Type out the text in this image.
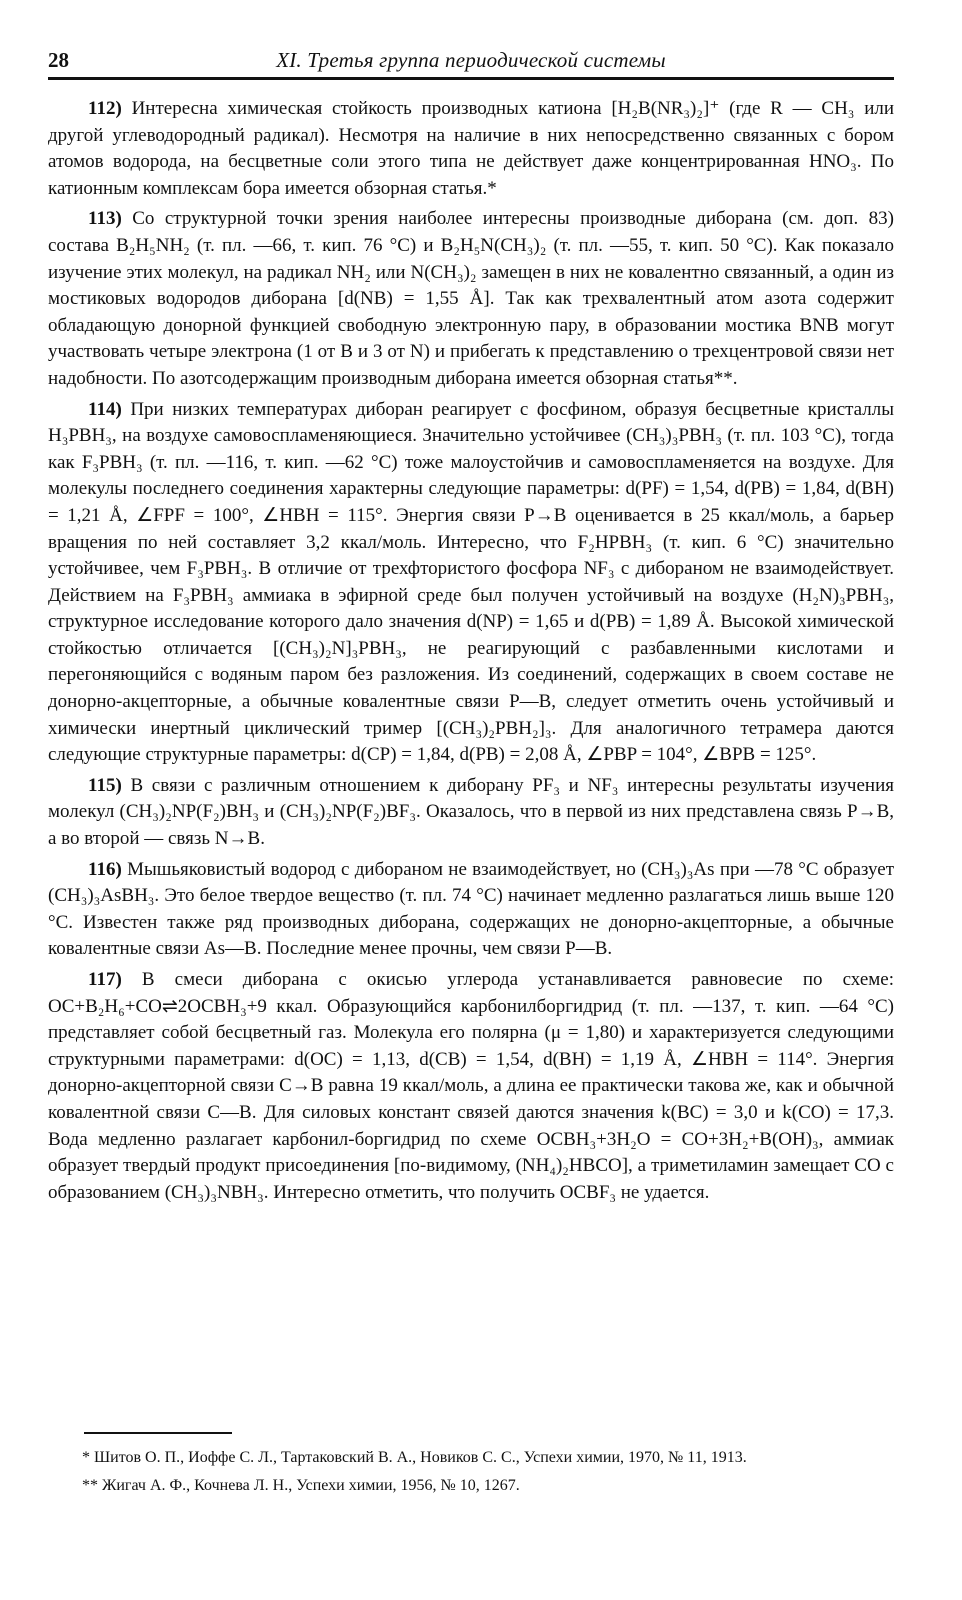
28	XI. Третья группа периодической системы

112) Интересна химическая стойкость производных катиона [H₂B(NR₃)₂]⁺ (где R — CH₃ или другой углеводородный радикал). Несмотря на наличие в них непосредственно связанных с бором атомов водорода, на бесцветные соли этого типа не действует даже концентрированная HNO₃. По катионным комплексам бора имеется обзорная статья.*

113) Со структурной точки зрения наиболее интересны производные диборана (см. доп. 83) состава B₂H₅NH₂ (т. пл. —66, т. кип. 76 °С) и B₂H₅N(CH₃)₂ (т. пл. —55, т. кип. 50 °С). Как показало изучение этих молекул, на радикал NH₂ или N(CH₃)₂ замещен в них не ковалентно связанный, а один из мостиковых водородов диборана [d(NB) = 1,55 Å]. Так как трехвалентный атом азота содержит обладающую донорной функцией свободную электронную пару, в образовании мостика BNB могут участвовать четыре электрона (1 от B и 3 от N) и прибегать к представлению о трехцентровой связи нет надобности. По азотсодержащим производным диборана имеется обзорная статья**.

114) При низких температурах диборан реагирует с фосфином, образуя бесцветные кристаллы H₃PBH₃, на воздухе самовоспламеняющиеся. Значительно устойчивее (CH₃)₃PBH₃ (т. пл. 103 °С), тогда как F₃PBH₃ (т. пл. —116, т. кип. —62 °С) тоже малоустойчив и самовоспламеняется на воздухе. Для молекулы последнего соединения характерны следующие параметры: d(PF) = 1,54, d(PB) = 1,84, d(BH) = 1,21 Å, ∠FPF = 100°, ∠HBH = 115°. Энергия связи P→B оценивается в 25 ккал/моль, а барьер вращения по ней составляет 3,2 ккал/моль. Интересно, что F₂HPBH₃ (т. кип. 6 °С) значительно устойчивее, чем F₃PBH₃. В отличие от трехфтористого фосфора NF₃ с дибораном не взаимодействует. Действием на F₃PBH₃ аммиака в эфирной среде был получен устойчивый на воздухе (H₂N)₃PBH₃, структурное исследование которого дало значения d(NP) = 1,65 и d(PB) = 1,89 Å. Высокой химической стойкостью отличается [(CH₃)₂N]₃PBH₃, не реагирующий с разбавленными кислотами и перегоняющийся с водяным паром без разложения. Из соединений, содержащих в своем составе не донорно-акцепторные, а обычные ковалентные связи P—B, следует отметить очень устойчивый и химически инертный циклический тример [(CH₃)₂PBH₂]₃. Для аналогичного тетрамера даются следующие структурные параметры: d(CP) = 1,84, d(PB) = 2,08 Å, ∠PBP = 104°, ∠BPB = 125°.

115) В связи с различным отношением к диборану PF₃ и NF₃ интересны результаты изучения молекул (CH₃)₂NP(F₂)BH₃ и (CH₃)₂NP(F₂)BF₃. Оказалось, что в первой из них представлена связь P→B, а во второй — связь N→B.

116) Мышьяковистый водород с дибораном не взаимодействует, но (CH₃)₃As при —78 °С образует (CH₃)₃AsBH₃. Это белое твердое вещество (т. пл. 74 °С) начинает медленно разлагаться лишь выше 120 °С. Известен также ряд производных диборана, содержащих не донорно-акцепторные, а обычные ковалентные связи As—B. Последние менее прочны, чем связи P—B.

117) В смеси диборана с окисью углерода устанавливается равновесие по схеме: OC+B₂H₆+CO⇌2OCBH₃+9 ккал. Образующийся карбонилборгидрид (т. пл. —137, т. кип. —64 °С) представляет собой бесцветный газ. Молекула его полярна (μ = 1,80) и характеризуется следующими структурными параметрами: d(OC) = 1,13, d(CB) = 1,54, d(BH) = 1,19 Å, ∠HBH = 114°. Энергия донорно-акцепторной связи C→B равна 19 ккал/моль, а длина ее практически такова же, как и обычной ковалентной связи C—B. Для силовых констант связей даются значения k(BC) = 3,0 и k(CO) = 17,3. Вода медленно разлагает карбонил-боргидрид по схеме OCBH₃+3H₂O = CO+3H₂+B(OH)₃, аммиак образует твердый продукт присоединения [по-видимому, (NH₄)₂HBCO], а триметиламин замещает CO с образованием (CH₃)₃NBH₃. Интересно отметить, что получить OCBF₃ не удается.

* Шитов О. П., Иоффе С. Л., Тартаковский В. А., Новиков С. С., Успехи химии, 1970, № 11, 1913.

** Жигач А. Ф., Кочнева Л. Н., Успехи химии, 1956, № 10, 1267.
